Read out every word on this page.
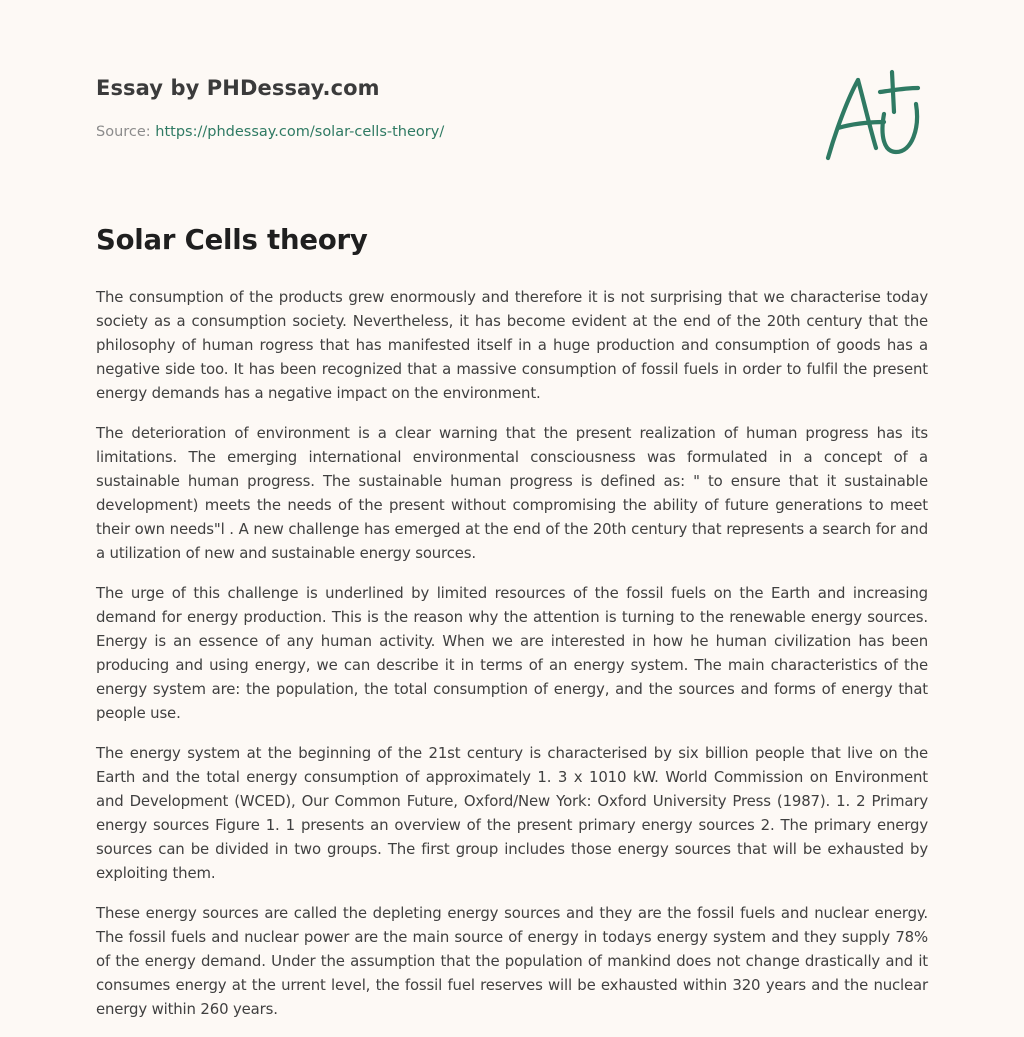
Essay by PHDessay.com
Source: https://phdessay.com/solar-cells-theory/
Solar Cells theory

The consumption of the products grew enormously and therefore it is not surprising that we characterise today society as a consumption society. Nevertheless, it has become evident at the end of the 20th century that the philosophy of human rogress that has manifested itself in a huge production and consumption of goods has a negative side too. It has been recognized that a massive consumption of fossil fuels in order to fulfil the present energy demands has a negative impact on the environment.

The deterioration of environment is a clear warning that the present realization of human progress has its limitations. The emerging international environmental consciousness was formulated in a concept of a sustainable human progress. The sustainable human progress is defined as: " to ensure that it sustainable development) meets the needs of the present without compromising the ability of future generations to meet their own needs"l . A new challenge has emerged at the end of the 20th century that represents a search for and a utilization of new and sustainable energy sources.

The urge of this challenge is underlined by limited resources of the fossil fuels on the Earth and increasing demand for energy production. This is the reason why the attention is turning to the renewable energy sources. Energy is an essence of any human activity. When we are interested in how he human civilization has been producing and using energy, we can describe it in terms of an energy system. The main characteristics of the energy system are: the population, the total consumption of energy, and the sources and forms of energy that people use.

The energy system at the beginning of the 21st century is characterised by six billion people that live on the Earth and the total energy consumption of approximately 1. 3 x 1010 kW. World Commission on Environment and Development (WCED), Our Common Future, Oxford/New York: Oxford University Press (1987). 1. 2 Primary energy sources Figure 1. 1 presents an overview of the present primary energy sources 2. The primary energy sources can be divided in two groups. The first group includes those energy sources that will be exhausted by exploiting them.

These energy sources are called the depleting energy sources and they are the fossil fuels and nuclear energy. The fossil fuels and nuclear power are the main source of energy in todays energy system and they supply 78% of the energy demand. Under the assumption that the population of mankind does not change drastically and it consumes energy at the urrent level, the fossil fuel reserves will be exhausted within 320 years and the nuclear energy within 260 years.
